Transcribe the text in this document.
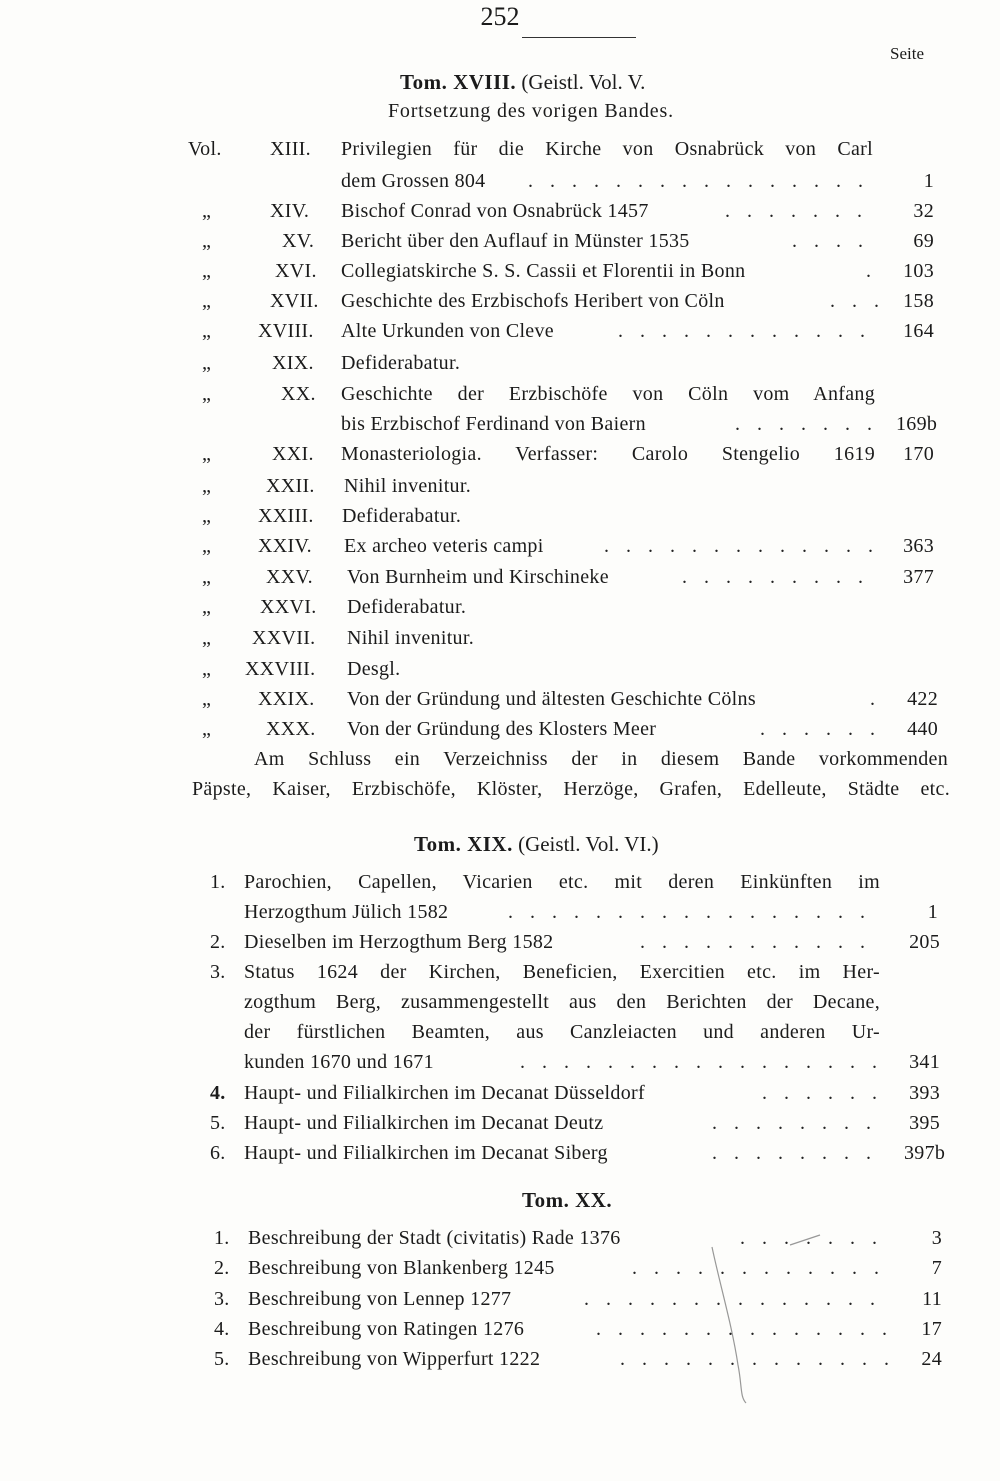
252
Seite
Tom. XVIII. (Geistl. Vol. V.
Fortsetzung des vorigen Bandes.
Vol. XIII. Privilegien für die Kirche von Osnabrück von Carl
dem Grossen 804 . . .	1
„	XIV. Bischof Conrad von Osnabrück 1457 . . .	32
„	XV. Bericht über den Auflauf in Münster 1535 . . .	69
„	XVI. Collegiatskirche S. S. Cassii et Florentii in Bonn . . .	103
„	XVII. Geschichte des Erzbischofs Heribert von Cöln . . .	158
„ XVIII. Alte Urkunden von Cleve . . .	164
„	XIX. Defiderabatur.
„	XX. Geschichte der Erzbischöfe von Cöln vom Anfang
bis Erzbischof Ferdinand von Baiern . . .	169b
„	XXI. Monasteriologia. Verfasser: Carolo Stengelio 1619	170
„	XXII. Nihil invenitur.
„ XXIII. Defiderabatur.
„ XXIV. Ex archeo veteris campi . . .	363
„	XXV. Von Burnheim und Kirschineke . . .	377
„ XXVI. Defiderabatur.
„ XXVII. Nihil invenitur.
„ XXVIII. Desgl.
„ XXIX. Von der Gründung und ältesten Geschichte Cölns . . .	422
„	XXX. Von der Gründung des Klosters Meer . . .	440
Am Schluss ein Verzeichniss der in diesem Bande vorkommenden
Päpste, Kaiser, Erzbischöfe, Klöster, Herzöge, Grafen, Edelleute, Städte etc.
Tom. XIX. (Geistl. Vol. VI.)
1. Parochien, Capellen, Vicarien etc. mit deren Einkünften im
Herzogthum Jülich 1582 . . .	1
2. Dieselben im Herzogthum Berg 1582 . . .	205
3. Status 1624 der Kirchen, Beneficien, Exercitien etc. im Her-
zogthum Berg, zusammengestellt aus den Berichten der Decane,
der fürstlichen Beamten, aus Canzleiacten und anderen Ur-
kunden 1670 und 1671 . . .	341
4. Haupt- und Filialkirchen im Decanat Düsseldorf . . .	393
5. Haupt- und Filialkirchen im Decanat Deutz . . .	395
6. Haupt- und Filialkirchen im Decanat Siberg . . .	397b
Tom. XX.
1. Beschreibung der Stadt (civitatis) Rade 1376 . . .	3
2. Beschreibung von Blankenberg 1245 . . .	7
3. Beschreibung von Lennep 1277 . . .	11
4. Beschreibung von Ratingen 1276 . . .	17
5. Beschreibung von Wipperfurt 1222 . . .	24
